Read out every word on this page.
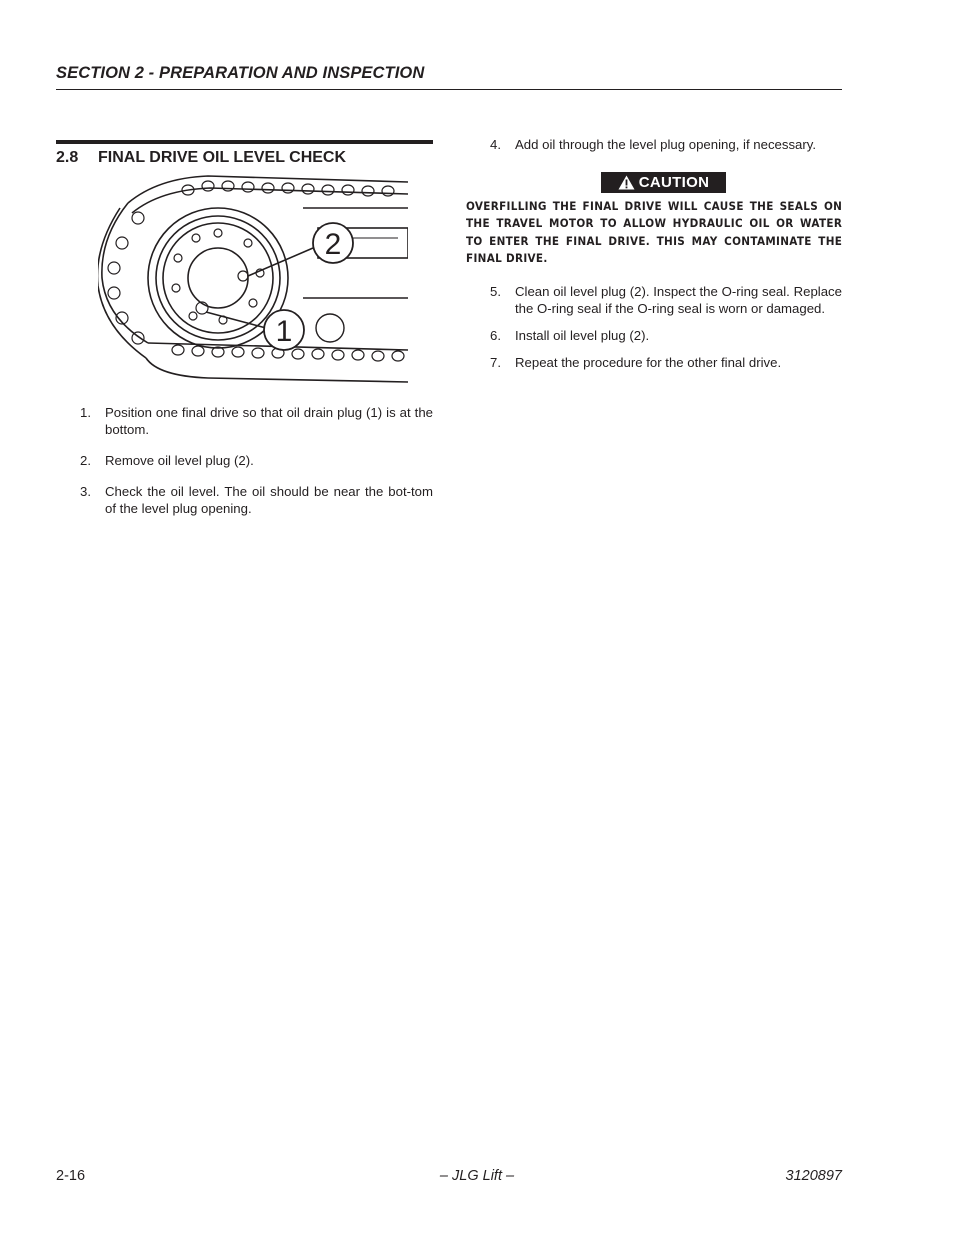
SECTION 2 - PREPARATION AND INSPECTION

2.8	FINAL DRIVE OIL LEVEL CHECK
2
1
1.	Position one final drive so that oil drain plug (1) is at the bottom.
2.	Remove oil level plug (2).
3.	Check the oil level. The oil should be near the bot-tom of the level plug opening.
4.	Add oil through the level plug opening, if necessary.
CAUTION

OVERFILLING THE FINAL DRIVE WILL CAUSE THE SEALS ON THE TRAVEL MOTOR TO ALLOW HYDRAULIC OIL OR WATER TO ENTER THE FINAL DRIVE. THIS MAY CONTAMINATE THE FINAL DRIVE.

5.	Clean oil level plug (2). Inspect the O-ring seal. Replace the O-ring seal if the O-ring seal is worn or damaged.
6.	Install oil level plug (2).
7.	Repeat the procedure for the other final drive.
2-16	– JLG Lift –	3120897
